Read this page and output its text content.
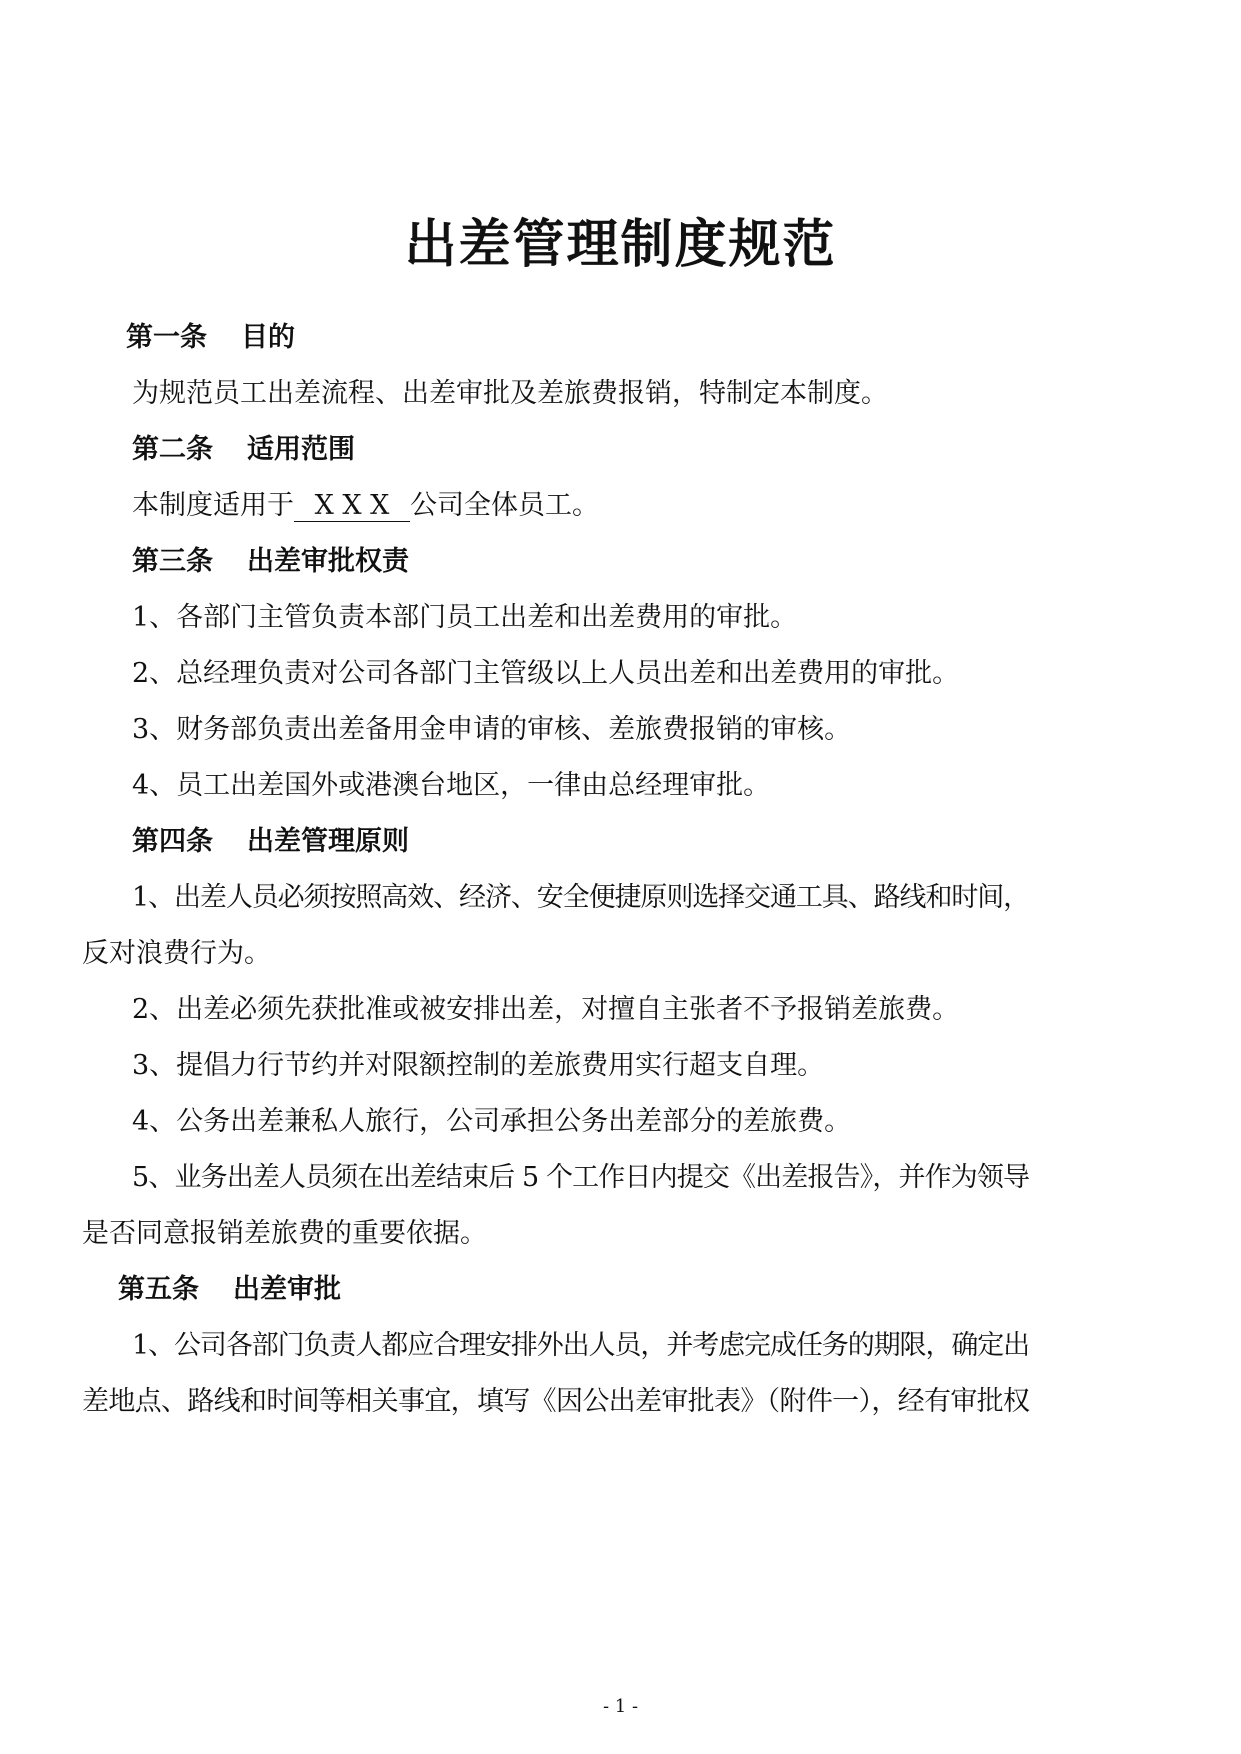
出差管理制度规范
第一条 目的
为规范员工出差流程、出差审批及差旅费报销，特制定本制度。
第二条 适用范围
本制度适用于  X X X  公司全体员工。
第三条 出差审批权责
1、各部门主管负责本部门员工出差和出差费用的审批。
2、总经理负责对公司各部门主管级以上人员出差和出差费用的审批。
3、财务部负责出差备用金申请的审核、差旅费报销的审核。
4、员工出差国外或港澳台地区，一律由总经理审批。
第四条 出差管理原则
1、出差人员必须按照高效、经济、安全便捷原则选择交通工具、路线和时间，
反对浪费行为。
2、出差必须先获批准或被安排出差，对擅自主张者不予报销差旅费。
3、提倡力行节约并对限额控制的差旅费用实行超支自理。
4、公务出差兼私人旅行，公司承担公务出差部分的差旅费。
5、业务出差人员须在出差结束后 5 个工作日内提交《出差报告》，并作为领导
是否同意报销差旅费的重要依据。
第五条 出差审批
1、公司各部门负责人都应合理安排外出人员，并考虑完成任务的期限，确定出
差地点、路线和时间等相关事宜，填写《因公出差审批表》（附件一），经有审批权
- 1 -
